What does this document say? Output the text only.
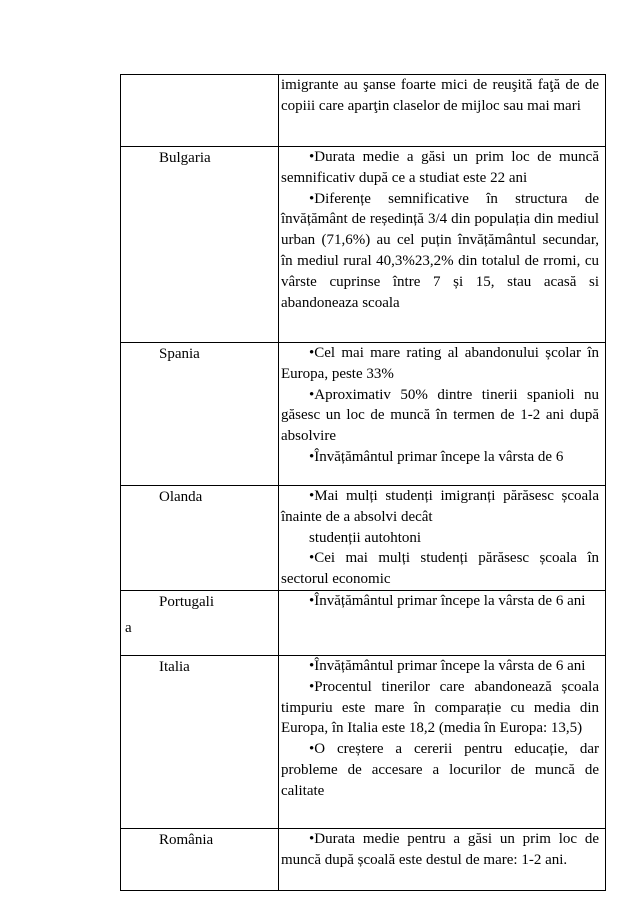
	imigrante au şanse foarte mici de reuşită faţă de de copiii care aparţin claselor de mijloc sau mai mari

Bulgaria	•Durata medie a găsi un prim loc de muncă semnificativ după ce a studiat este 22 ani

•Diferențe semnificative în structura de învățământ de reședință 3/4 din populația din mediul urban (71,6%) au cel puțin învățământul secundar, în mediul rural 40,3%23,2% din totalul de rromi, cu vârste cuprinse între 7 și 15, stau acasă si abandoneaza scoala

Spania	•Cel mai mare rating al abandonului școlar în Europa, peste 33%

•Aproximativ 50% dintre tinerii spanioli nu găsesc un loc de muncă în termen de 1-2 ani după absolvire

•Învățământul primar începe la vârsta de 6

Olanda	•Mai mulți studenți imigranți părăsesc școala înainte de a absolvi decât

studenții autohtoni

•Cei mai mulți studenți părăsesc școala în sectorul economic

Portugali
a	•Învățământul primar începe la vârsta de 6 ani

Italia	•Învățământul primar începe la vârsta de 6 ani

•Procentul tinerilor care abandonează școala timpuriu este mare în comparație cu media din Europa, în Italia este 18,2 (media în Europa: 13,5)

•O creștere a cererii pentru educație, dar probleme de accesare a locurilor de muncă de calitate

România	•Durata medie pentru a găsi un prim loc de muncă după școală este destul de mare: 1-2 ani.
